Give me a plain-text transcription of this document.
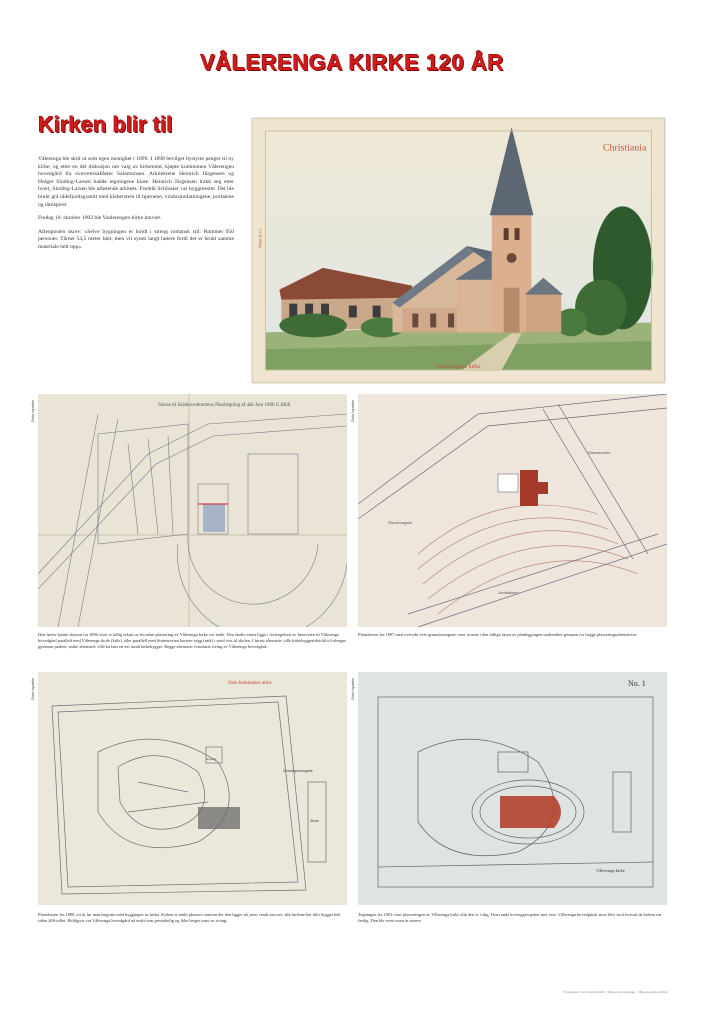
VÅLERENGA KIRKE 120 ÅR
Kirken blir til

Vålerenga ble skilt ut som egen menighet i 1899. I 1898 bevilget bystyret penger til ny kirke, og etter en del diskusjon om valg av kirketomt, kjøpte kommunen Vålerengen hovedgård fra overrettssakfører Salomonsen. Arkitektene Heinrich Jürgensen og Holger Sinding-Larsen hadde tegningene klare. Heinrich Jürgensen trakk seg etter hvert, Sinding-Larsen ble utførende arkitekt. Fredrik Schüssler var byggmester. Det ble brukt grå iddefjordsgranitt med kleberstein til hjørnene, vindusinnfatningene, portalene og tårnspiret.

Fredag 10. oktober 1902 ble Vaalerengen kirke innviet.

Aftenposten skrev: «Selve bygningen er holdt i streng romansk stil. Rommet 950 personer. Tårnet 54,5 meter høit, men vil synes langt høiere fordi det er brukt samme materiale helt opp».

Christiania
Vaalerengens kirke
Mittet & Co.
Oslo byarkiv	Oslo byarkiv
Oslo byarkiv	Oslo byarkiv
Skisse til Sälshovedtomtens Planlægning af 4de Juni 1896 G.Müll
Den første kjente skissen fra 1896 viser et tidlig utkast av hvordan plassering av Vålerenga kirke var tenkt. Den skulle enten ligge i forlengelsen av Jæreveien til Vålerenga hovedgård parallelt med Vålerengs skole (Sülz), eller parallell med Strømsveien kortere vegg (rødt) i nord viss til skolen. I første alternativ ville kirkebyggetiden blitt forlenget gjennom parken, andre alternativ ville ha hatt en vei rundt kirkebygget. Begge alternativ forutsatte riving av Vålerenga hovedgård.
Ravnbuegate
Strømsveien
Jordbakken
Planskissen fra 1897 med oversikt over grunnboringene viser at man i den tidlige fasen av planleggingen undersøkte grunnen for begge plasseringsalternativer.
Oslo kommunes arkiv
Hovedg.
Schweigaardsgade
Skole
Planskissen fra 1898, ett år før man begynte med byggingen av kirka. Kirken er tenkt plassert omtrent der den ligger nå, men vendt østover, slik kirkene har blitt bygget helt siden 400-tallet. Heldigvis var Vålerenga hovedgård nå tenkt som prestebolig og ikke lenger truet av riving.
No. 1
Vålerenga kirke
Tegningen fra 1903 viser plasseringen av Vålerenga kirke slik den er i dag. Den runde korveggen peker mot vest. Vålerenga hovedgårds store låve stod fortsatt da kirken var ferdig. Den ble revet noen år senere.
Produksjon: Oslo byarkiv 2022 · Vålerenga historielag · Vålerenga kirke 120 år
